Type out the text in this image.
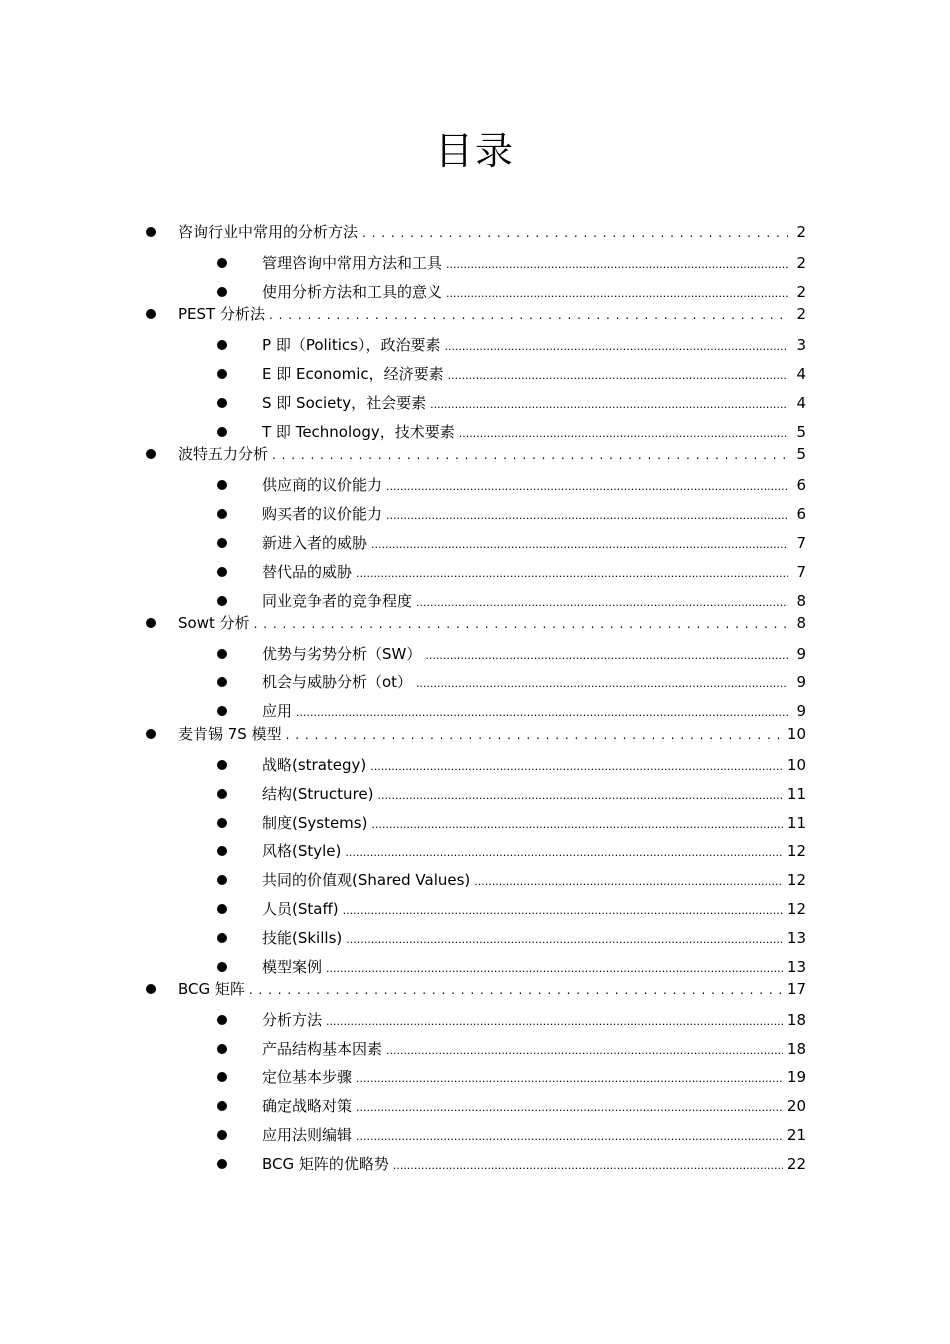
目录
咨询行业中常用的分析方法 . . .	2
管理咨询中常用方法和工具 .....	2
使用分析方法和工具的意义 .....	2
PEST 分析法 . . .	2
P 即（Politics），政治要素 .....	3
E 即 Economic，经济要素 .....	4
S 即 Society，社会要素 .....	4
T 即 Technology，技术要素 .....	5
波特五力分析 . . .	5
供应商的议价能力 .....	6
购买者的议价能力 .....	6
新进入者的威胁 .....	7
替代品的威胁 .....	7
同业竞争者的竞争程度 .....	8
Sowt 分析 . . .	8
优势与劣势分析（SW） .....	9
机会与威胁分析（ot） .....	9
应用 .....	9
麦肯锡 7S 模型 . . .	10
战略(strategy) .....	10
结构(Structure) .....	11
制度(Systems) .....	11
风格(Style) .....	12
共同的价值观(Shared Values) .....	12
人员(Staff) .....	12
技能(Skills) .....	13
模型案例 .....	13
BCG 矩阵 . . .	17
分析方法 .....	18
产品结构基本因素 .....	18
定位基本步骤 .....	19
确定战略对策 .....	20
应用法则编辑 .....	21
BCG 矩阵的优略势 .....	22
